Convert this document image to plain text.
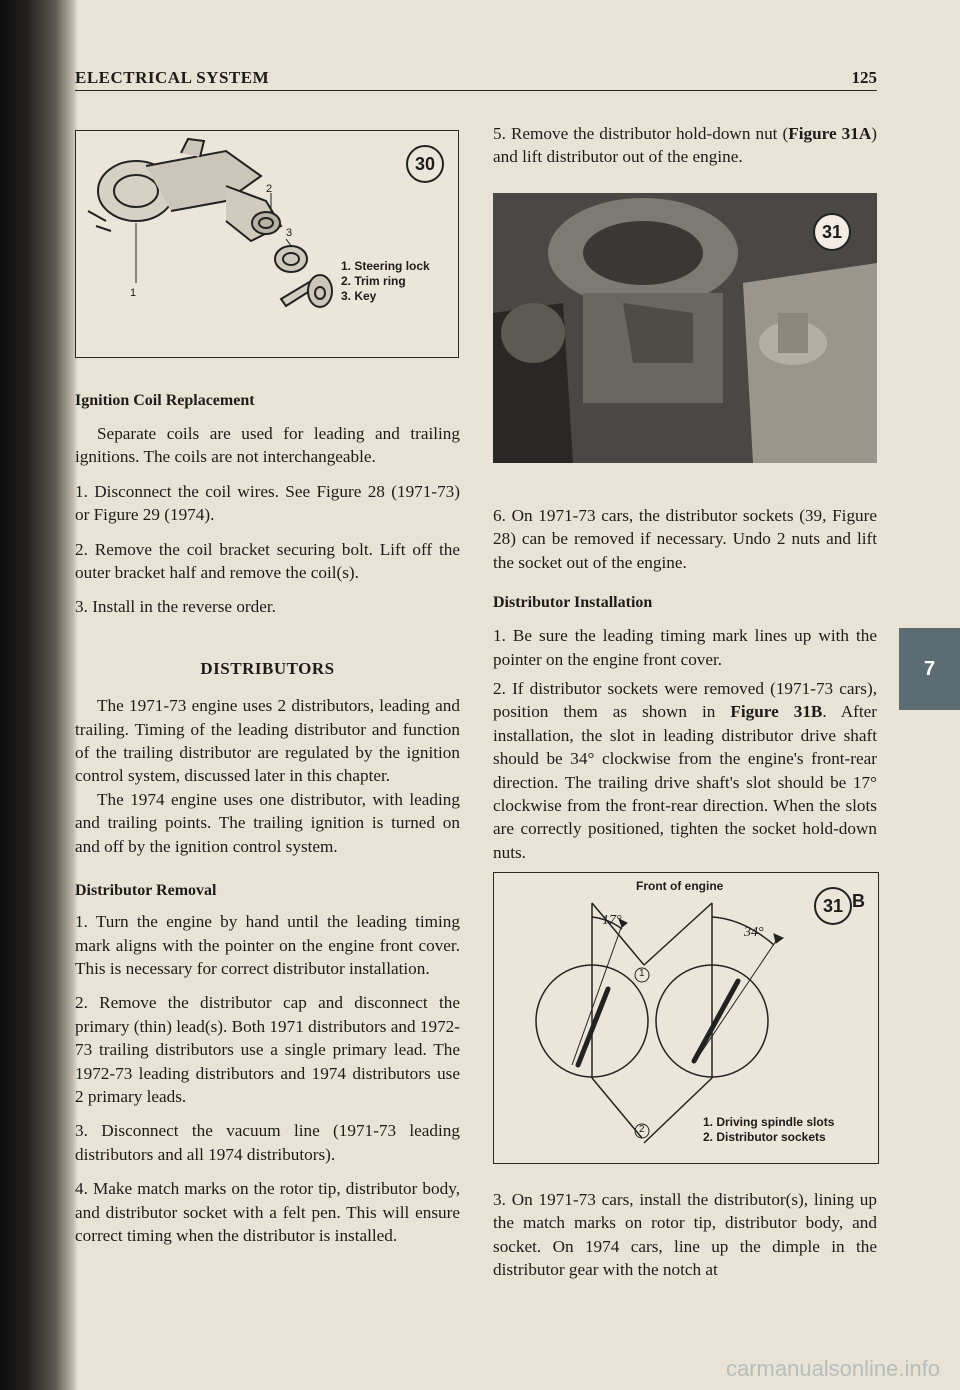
ELECTRICAL SYSTEM	125
1
2
3
30
1. Steering lock
2. Trim ring
3. Key

Ignition Coil Replacement

Separate coils are used for leading and trailing ignitions. The coils are not interchangeable.

1. Disconnect the coil wires. See Figure 28 (1971-73) or Figure 29 (1974).

2. Remove the coil bracket securing bolt. Lift off the outer bracket half and remove the coil(s).

3. Install in the reverse order.

DISTRIBUTORS

The 1971-73 engine uses 2 distributors, leading and trailing. Timing of the leading distributor and function of the trailing distributor are regulated by the ignition control system, discussed later in this chapter.

The 1974 engine uses one distributor, with leading and trailing points. The trailing ignition is turned on and off by the ignition control system.

Distributor Removal

1. Turn the engine by hand until the leading timing mark aligns with the pointer on the engine front cover. This is necessary for correct distributor installation.

2. Remove the distributor cap and disconnect the primary (thin) lead(s). Both 1971 distributors and 1972-73 trailing distributors use a single primary lead. The 1972-73 leading distributors and 1974 distributors use 2 primary leads.

3. Disconnect the vacuum line (1971-73 leading distributors and all 1974 distributors).

4. Make match marks on the rotor tip, distributor body, and distributor socket with a felt pen. This will ensure correct timing when the distributor is installed.

5. Remove the distributor hold-down nut (Figure 31A) and lift distributor out of the engine.

31

6. On 1971-73 cars, the distributor sockets (39, Figure 28) can be removed if necessary. Undo 2 nuts and lift the socket out of the engine.

Distributor Installation

1. Be sure the leading timing mark lines up with the pointer on the engine front cover.

2. If distributor sockets were removed (1971-73 cars), position them as shown in Figure 31B. After installation, the slot in leading distributor drive shaft should be 34° clockwise from the engine's front-rear direction. The trailing drive shaft's slot should be 17° clockwise from the front-rear direction. When the slots are correctly positioned, tighten the socket hold-down nuts.

Front of engine
17°
34°
1
2
31 B
1. Driving spindle slots
2. Distributor sockets

3. On 1971-73 cars, install the distributor(s), lining up the match marks on rotor tip, distributor body, and socket. On 1974 cars, line up the dimple in the distributor gear with the notch at

7
carmanualsonline.info
